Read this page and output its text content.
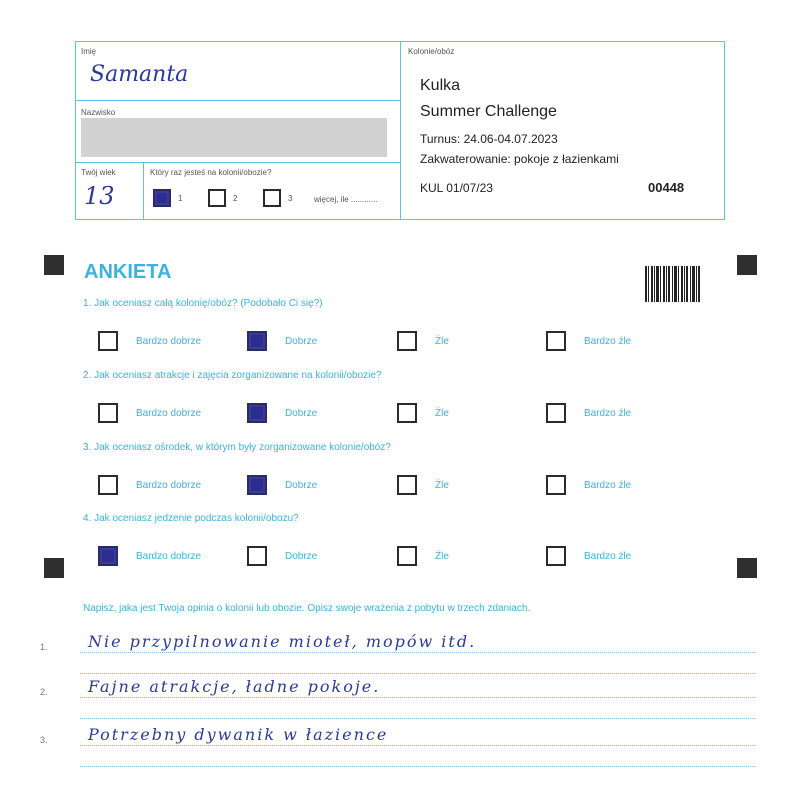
Imię
Samanta
Nazwisko
Twój wiek
13
Który raz jesteś na kolonii/obozie?
1	2	3	więcej, ile ............
Kolonie/obóz
Kulka
Summer Challenge
Turnus: 24.06-04.07.2023
Zakwaterowanie: pokoje z łazienkami
KUL 01/07/23	00448
ANKIETA
1. Jak oceniasz całą kolonię/obóz? (Podobało Ci się?)
Bardzo dobrze	Dobrze	Źle	Bardzo źle
2. Jak oceniasz atrakcje i zajęcia zorganizowane na kolonii/obozie?
Bardzo dobrze	Dobrze	Źle	Bardzo źle
3. Jak oceniasz ośrodek, w którym były zorganizowane kolonie/obóz?
Bardzo dobrze	Dobrze	Źle	Bardzo źle
4. Jak oceniasz jedzenie podczas kolonii/obozu?
Bardzo dobrze	Dobrze	Źle	Bardzo źle
Napisz, jaka jest Twoja opinia o kolonii lub obozie. Opisz swoje wrażenia z pobytu w trzech zdaniach.
1.	Nie przypilnowanie mioteł, mopów itd.
2.	Fajne atrakcje, ładne pokoje.
3.	Potrzebny dywanik w łazience
